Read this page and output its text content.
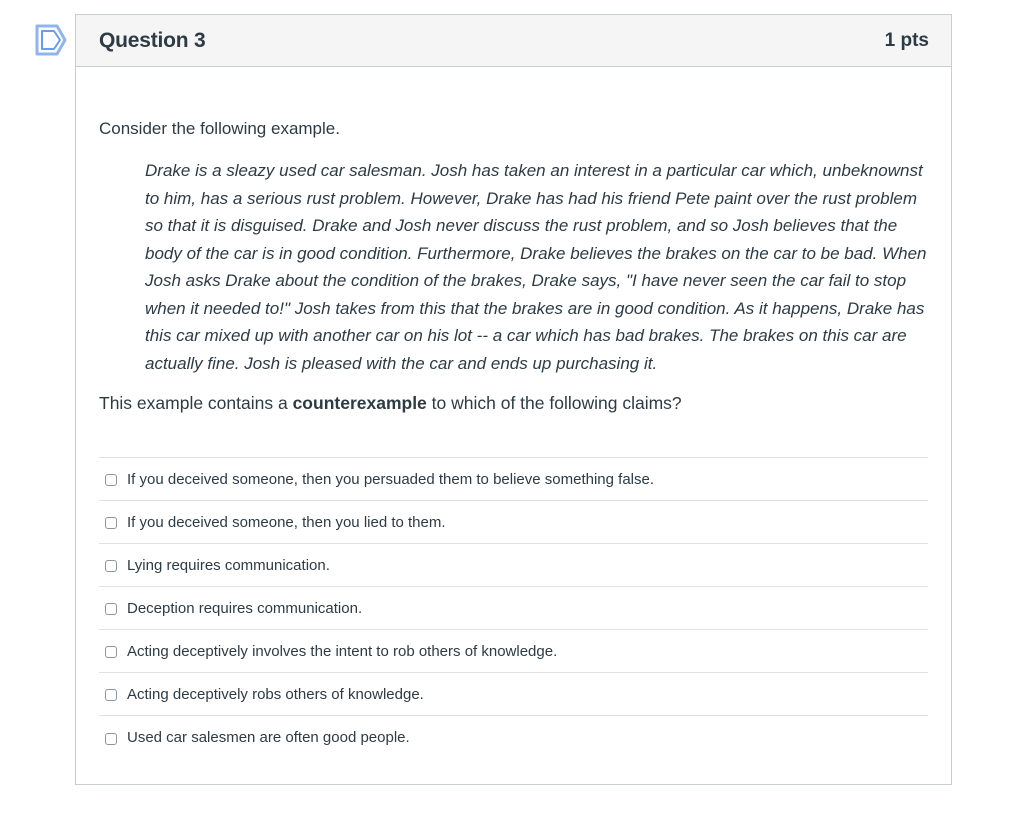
Question 3	1 pts

Consider the following example.

Drake is a sleazy used car salesman. Josh has taken an interest in a particular car which, unbeknownst to him, has a serious rust problem. However, Drake has had his friend Pete paint over the rust problem so that it is disguised. Drake and Josh never discuss the rust problem, and so Josh believes that the body of the car is in good condition. Furthermore, Drake believes the brakes on the car to be bad. When Josh asks Drake about the condition of the brakes, Drake says, "I have never seen the car fail to stop when it needed to!" Josh takes from this that the brakes are in good condition. As it happens, Drake has this car mixed up with another car on his lot -- a car which has bad brakes. The brakes on this car are actually fine. Josh is pleased with the car and ends up purchasing it.

This example contains a counterexample to which of the following claims?

If you deceived someone, then you persuaded them to believe something false.
If you deceived someone, then you lied to them.
Lying requires communication.
Deception requires communication.
Acting deceptively involves the intent to rob others of knowledge.
Acting deceptively robs others of knowledge.
Used car salesmen are often good people.
